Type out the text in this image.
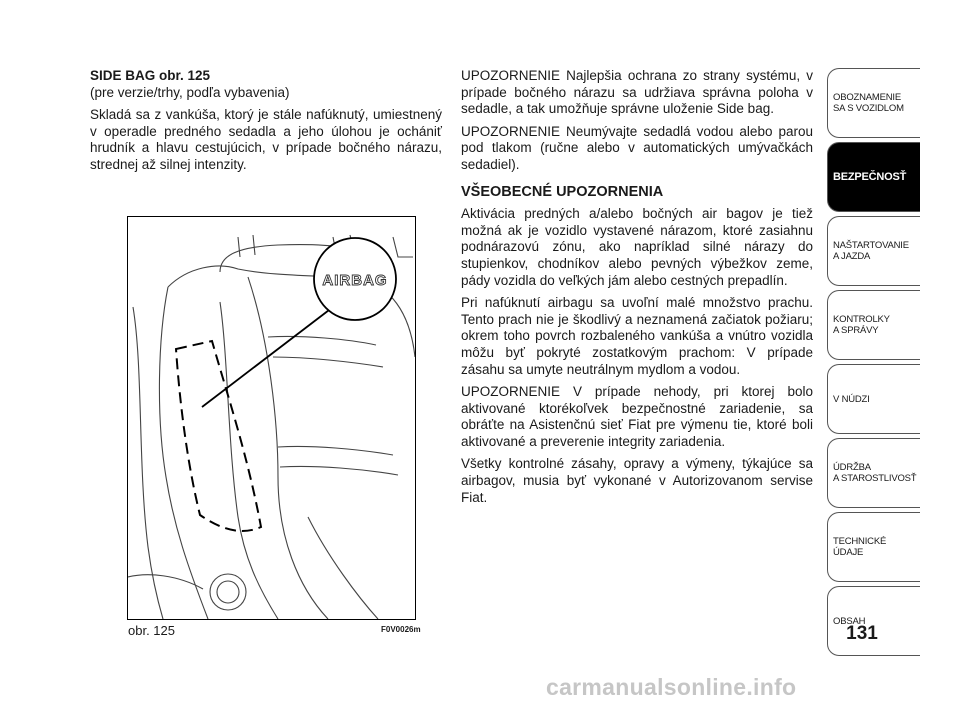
SIDE BAG obr. 125

(pre verzie/trhy, podľa vybavenia)

Skladá sa z vankúša, ktorý je stále nafúknutý, umiestnený v operadle predného sedadla a jeho úlohou je ochániť hrudník a hlavu cestujúcich, v prípade bočného nárazu, strednej až silnej intenzity.

AIRBAG
obr. 125	F0V0026m

UPOZORNENIE Najlepšia ochrana zo strany systému, v prípade bočného nárazu sa udržiava správna poloha v sedadle, a tak umožňuje správne uloženie Side bag.

UPOZORNENIE Neumývajte sedadlá vodou alebo parou pod tlakom (ručne alebo v automatických umývačkách sedadiel).

VŠEOBECNÉ UPOZORNENIA

Aktivácia predných a/alebo bočných air bagov je tiež možná ak je vozidlo vystavené nárazom, ktoré zasiahnu podnárazovú zónu, ako napríklad silné nárazy do stupienkov, chodníkov alebo pevných výbežkov zeme, pády vozidla do veľkých jám alebo cestných prepadlín.

Pri nafúknutí airbagu sa uvoľní malé množstvo prachu. Tento prach nie je škodlivý a neznamená začiatok požiaru; okrem toho povrch rozbaleného vankúša a vnútro vozidla môžu byť pokryté zostatkovým prachom: V prípade zásahu sa umyte neutrálnym mydlom a vodou.

UPOZORNENIE V prípade nehody, pri ktorej bolo aktivované ktorékoľvek bezpečnostné zariadenie, sa obráťte na Asistenčnú sieť Fiat pre výmenu tie, ktoré boli aktivované a preverenie integrity zariadenia.

Všetky kontrolné zásahy, opravy a výmeny, týkajúce sa airbagov, musia byť vykonané v Autorizovanom servise Fiat.

OBOZNAMENIE
SA S VOZIDLOM
BEZPEČNOSŤ
NAŠTARTOVANIE
A JAZDA
KONTROLKY
A SPRÁVY
V NÚDZI
ÚDRŽBA
A STAROSTLIVOSŤ
TECHNICKÉ
ÚDAJE
OBSAH
131
carmanualsonline.info
